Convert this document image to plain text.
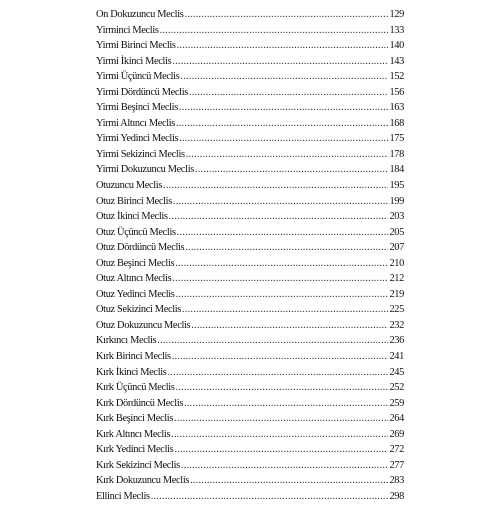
On Dokuzuncu Meclis .....	129
Yirminci Meclis .....	133
Yirmi Birinci Meclis .....	140
Yirmi İkinci Meclis .....	143
Yirmi Üçüncü Meclis .....	152
Yirmi Dördüncü Meclis .....	156
Yirmi Beşinci Meclis .....	163
Yirmi Altıncı Meclis .....	168
Yirmi Yedinci Meclis .....	175
Yirmi Sekizinci Meclis .....	178
Yirmi Dokuzuncu Meclis .....	184
Otuzuncu Meclis .....	195
Otuz Birinci Meclis .....	199
Otuz İkinci Meclis .....	203
Otuz Üçüncü Meclis .....	205
Otuz Dördüncü Meclis .....	207
Otuz Beşinci Meclis .....	210
Otuz Altıncı Meclis .....	212
Otuz Yedinci Meclis .....	219
Otuz Sekizinci Meclis .....	225
Otuz Dokuzuncu Meclis .....	232
Kırkıncı Meclis .....	236
Kırk Birinci Meclis .....	241
Kırk İkinci Meclis .....	245
Kırk Üçüncü Meclis .....	252
Kırk Dördüncü Meclis .....	259
Kırk Beşinci Meclis .....	264
Kırk Altıncı Meclis .....	269
Kırk Yedinci Meclis .....	272
Kırk Sekizinci Meclis .....	277
Kırk Dokuzuncu Meclis .....	283
Ellinci Meclis .....	298
